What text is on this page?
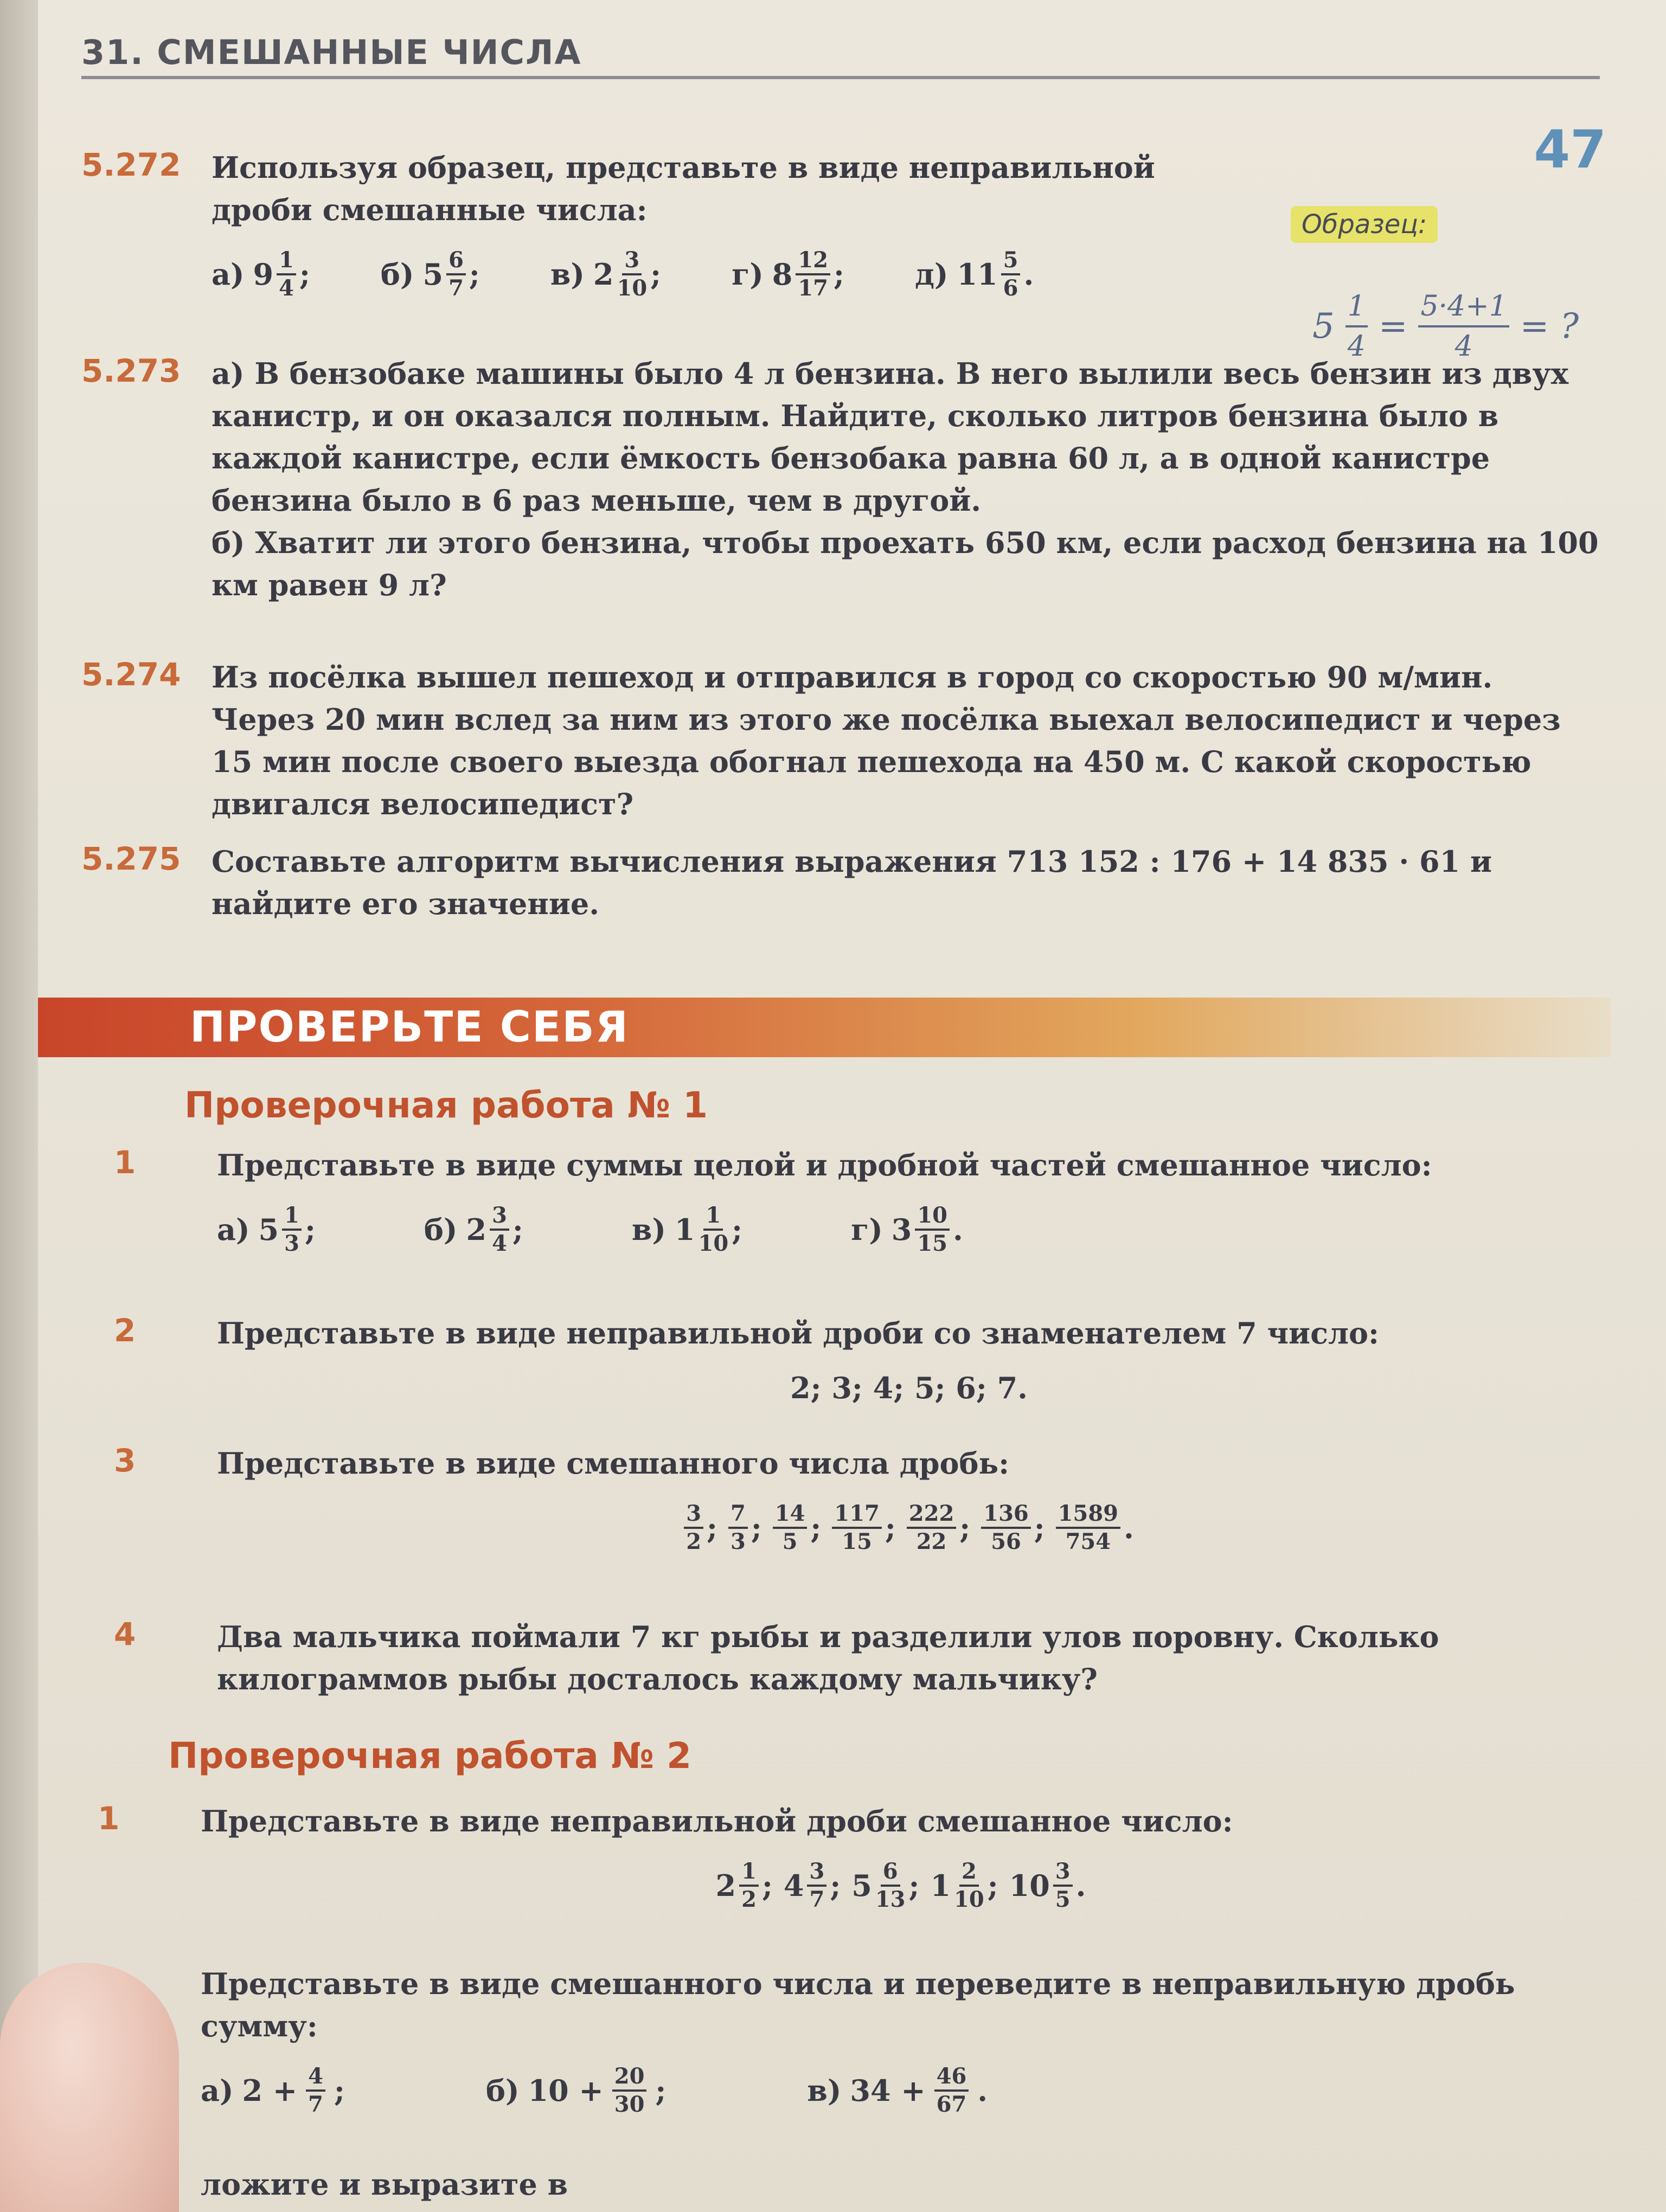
31. СМЕШАННЫЕ ЧИСЛА
47
Образец:
$5 \frac{1}{4} = \frac{5\cdot 4+1}{4}$ = ?
5.272 Используя образец, представьте в виде неправильной дроби смешанные числа:
а) $9 \frac{1}{4}$ ; б) $5 \frac{6}{7}$ ; в) $2 \frac{3}{10}$ ; г) $8 \frac{12}{17}$ ; д) $11 \frac{5}{6}$ .
5.273 а) В бензобаке машины было 4 л бензина. В него вылили весь бензин из двух канистр, и он оказался полным. Найдите, сколько литров бензина было в каждой канистре, если ёмкость бензобака равна 60 л, а в одной канистре бензина было в 6 раз меньше, чем в другой.
б) Хватит ли этого бензина, чтобы проехать 650 км, если расход бензина на 100 км равен 9 л?
5.274 Из посёлка вышел пешеход и отправился в город со скоростью 90 м/мин. Через 20 мин вслед за ним из этого же посёлка выехал велосипедист и через 15 мин после своего выезда обогнал пешехода на 450 м. С какой скоростью двигался велосипедист?
5.275 Составьте алгоритм вычисления выражения 713 152 : 176 + 14 835 · 61 и найдите его значение.
ПРОВЕРЬТЕ СЕБЯ
Проверочная работа № 1
1	Представьте в виде суммы целой и дробной частей смешанное число:
а) $5 \frac{1}{3}$ ;	б) $2 \frac{3}{4}$ ;	в) $1 \frac{1}{10}$ ;	г) $3 \frac{10}{15}$ .
2	Представьте в виде неправильной дроби со знаменателем 7 число:
2; 3; 4; 5; 6; 7.
3	Представьте в виде смешанного числа дробь:
$\frac{3}{2}$ ; $\frac{7}{3}$ ; $\frac{14}{5}$ ; $\frac{117}{15}$ ; $\frac{222}{22}$ ; $\frac{136}{56}$ ; $\frac{1589}{754}$ .
4	Два мальчика поймали 7 кг рыбы и разделили улов поровну. Сколько килограммов рыбы досталось каждому мальчику?
Проверочная работа № 2
1	Представьте в виде неправильной дроби смешанное число:
$2 \frac{1}{2}$ ; $4 \frac{3}{7}$ ; $5 \frac{6}{13}$ ; $1 \frac{2}{10}$ ; $10 \frac{3}{5}$ .
Представьте в виде смешанного числа и переведите в неправильную дробь сумму:
а) $2 + \frac{4}{7}$ ;	б) $10 + \frac{20}{30}$ ;	в) $34 + \frac{46}{67}$ .
ложите и выразите в
